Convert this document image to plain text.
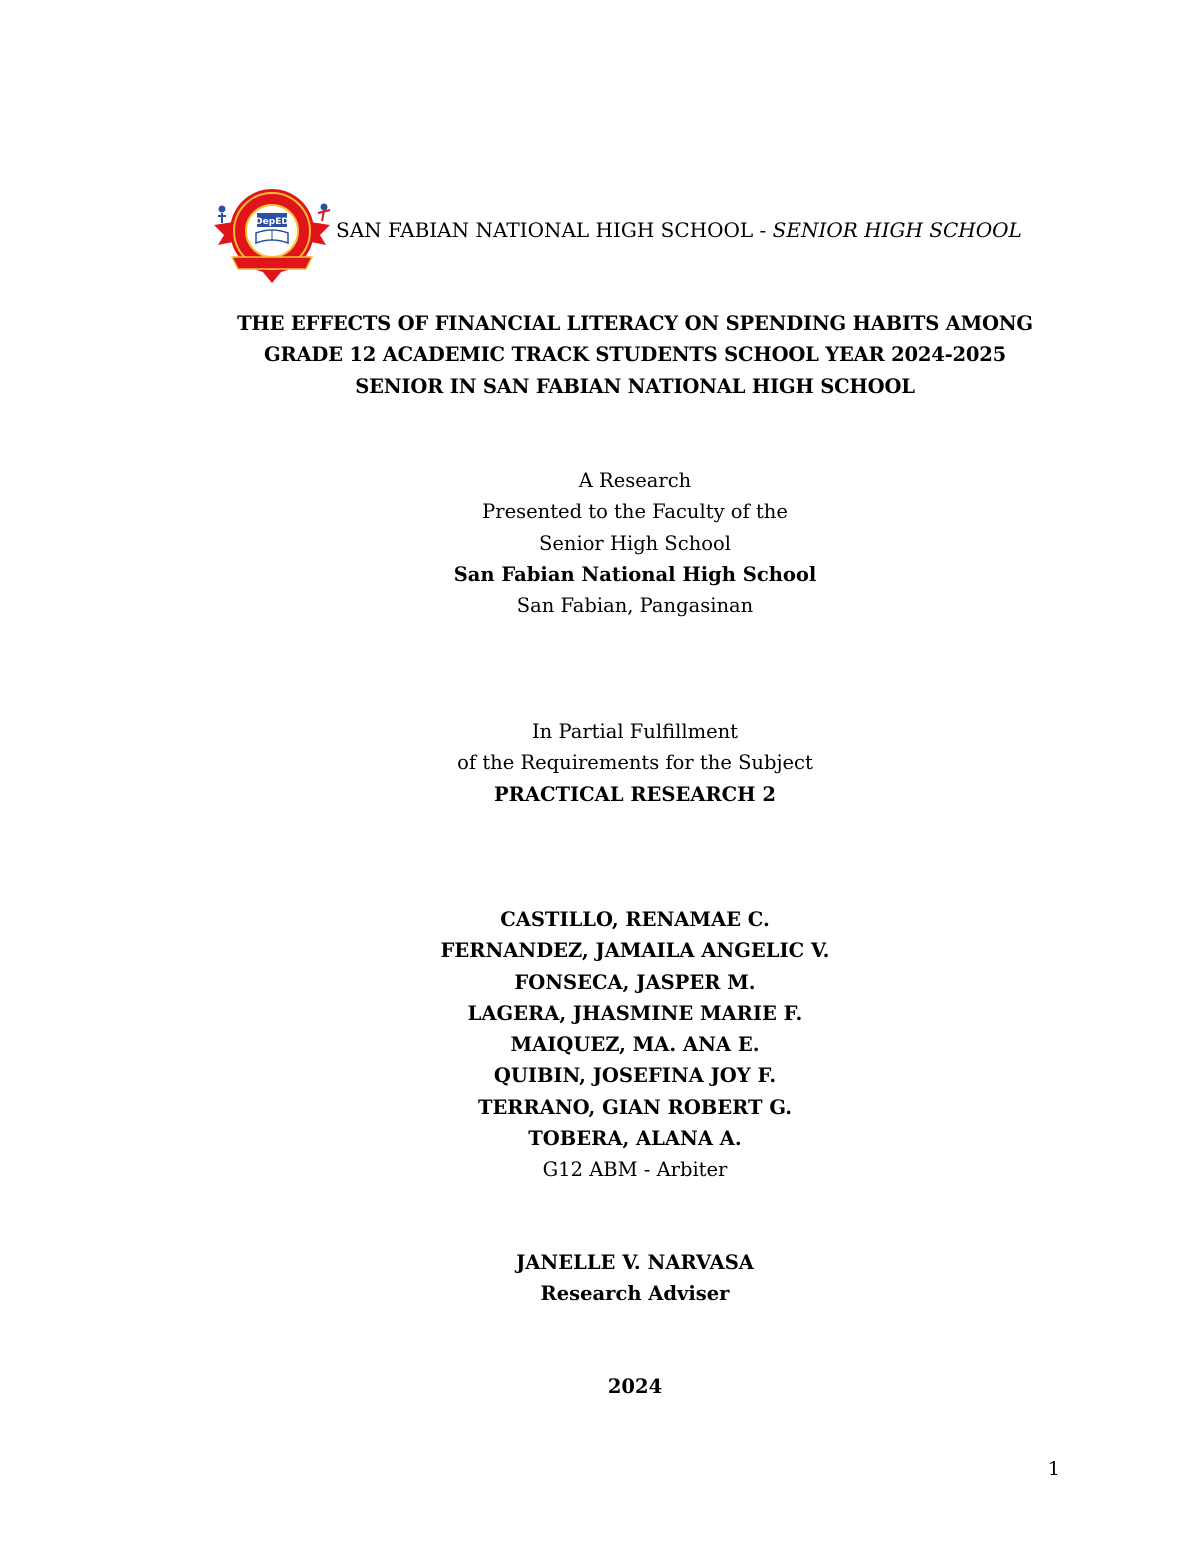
DepED SAN FABIAN NATIONAL HIGH SCHOOL - SENIOR HIGH SCHOOL
THE EFFECTS OF FINANCIAL LITERACY ON SPENDING HABITS AMONG
GRADE 12 ACADEMIC TRACK STUDENTS SCHOOL YEAR 2024-2025
SENIOR IN SAN FABIAN NATIONAL HIGH SCHOOL
A Research
Presented to the Faculty of the
Senior High School
San Fabian National High School
San Fabian, Pangasinan
In Partial Fulfillment
of the Requirements for the Subject
PRACTICAL RESEARCH 2
CASTILLO, RENAMAE C.
FERNANDEZ, JAMAILA ANGELIC V.
FONSECA, JASPER M.
LAGERA, JHASMINE MARIE F.
MAIQUEZ, MA. ANA E.
QUIBIN, JOSEFINA JOY F.
TERRANO, GIAN ROBERT G.
TOBERA, ALANA A.
G12 ABM - Arbiter
JANELLE V. NARVASA
Research Adviser
2024
1
